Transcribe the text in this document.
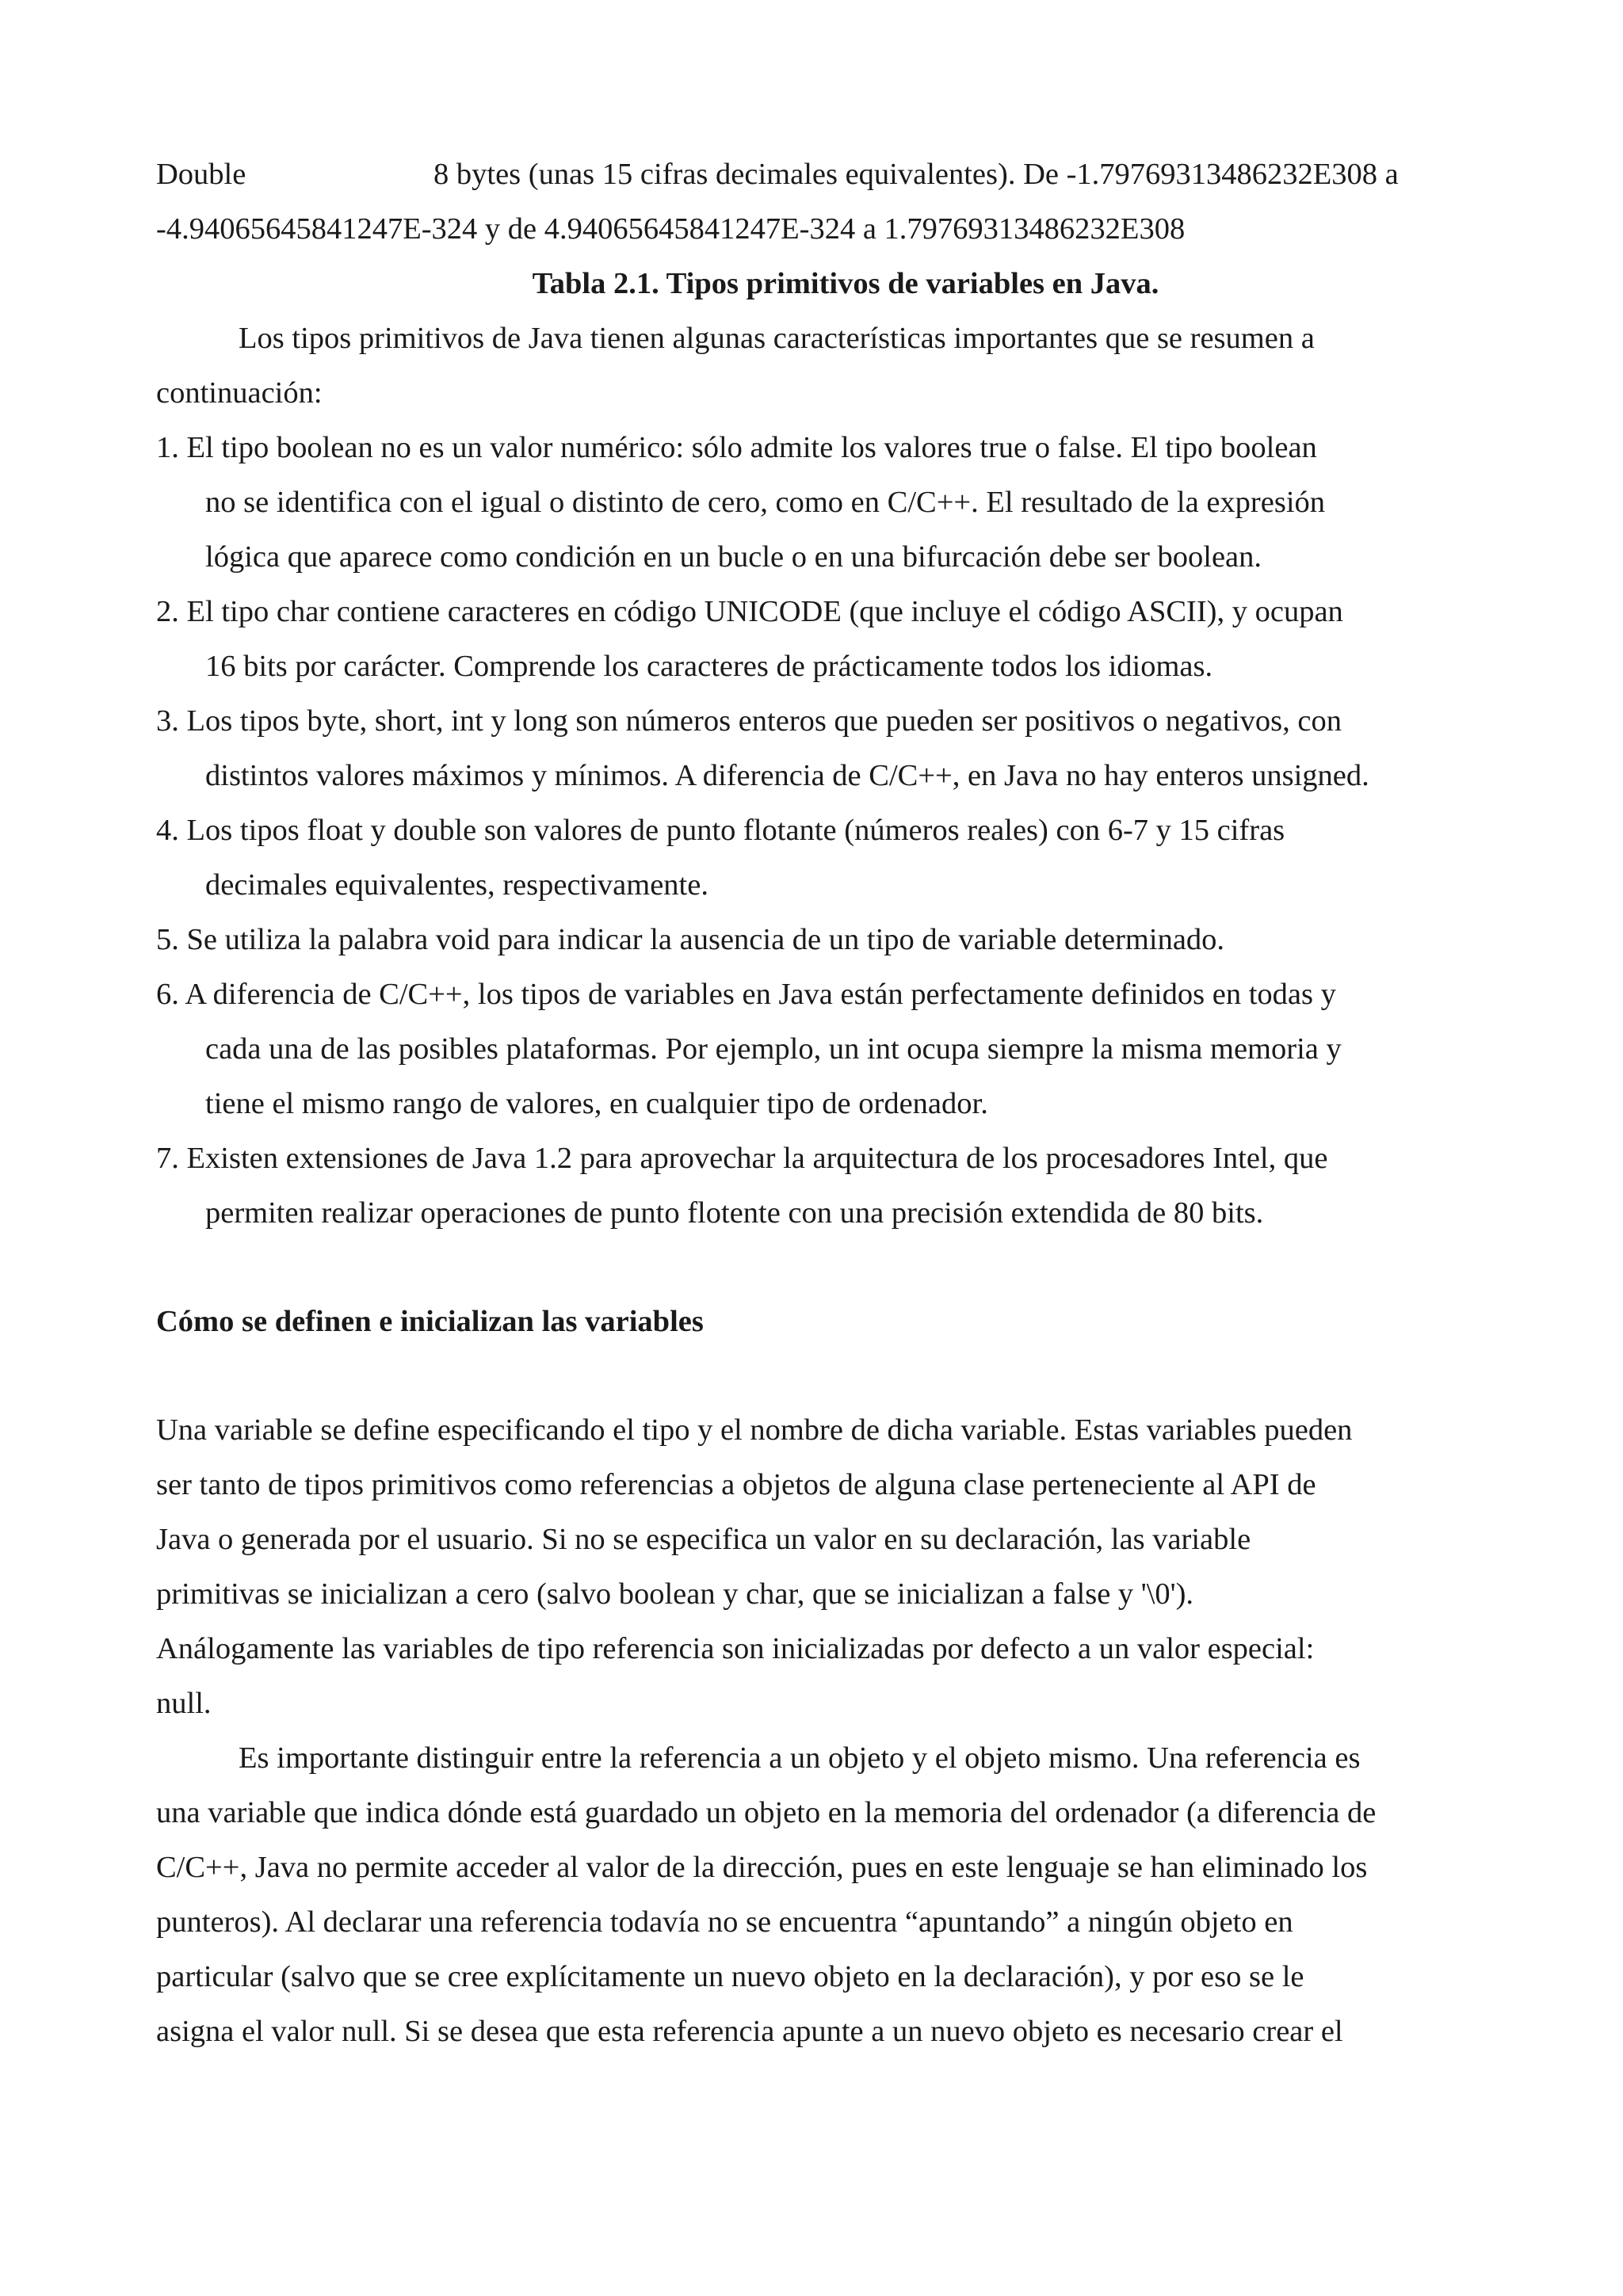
Double	8 bytes (unas 15 cifras decimales equivalentes). De -1.79769313486232E308 a

-4.94065645841247E-324 y de 4.94065645841247E-324 a 1.79769313486232E308

Tabla 2.1. Tipos primitivos de variables en Java.

Los tipos primitivos de Java tienen algunas características importantes que se resumen a

continuación:

1. El tipo boolean no es un valor numérico: sólo admite los valores true o false. El tipo boolean
no se identifica con el igual o distinto de cero, como en C/C++. El resultado de la expresión
lógica que aparece como condición en un bucle o en una bifurcación debe ser boolean.
2. El tipo char contiene caracteres en código UNICODE (que incluye el código ASCII), y ocupan
16 bits por carácter. Comprende los caracteres de prácticamente todos los idiomas.
3. Los tipos byte, short, int y long son números enteros que pueden ser positivos o negativos, con
distintos valores máximos y mínimos. A diferencia de C/C++, en Java no hay enteros unsigned.
4. Los tipos float y double son valores de punto flotante (números reales) con 6-7 y 15 cifras
decimales equivalentes, respectivamente.
5. Se utiliza la palabra void para indicar la ausencia de un tipo de variable determinado.
6. A diferencia de C/C++, los tipos de variables en Java están perfectamente definidos en todas y
cada una de las posibles plataformas. Por ejemplo, un int ocupa siempre la misma memoria y
tiene el mismo rango de valores, en cualquier tipo de ordenador.
7. Existen extensiones de Java 1.2 para aprovechar la arquitectura de los procesadores Intel, que
permiten realizar operaciones de punto flotente con una precisión extendida de 80 bits.

Cómo se definen e inicializan las variables

Una variable se define especificando el tipo y el nombre de dicha variable. Estas variables pueden

ser tanto de tipos primitivos como referencias a objetos de alguna clase perteneciente al API de

Java o generada por el usuario. Si no se especifica un valor en su declaración, las variable

primitivas se inicializan a cero (salvo boolean y char, que se inicializan a false y '\0').

Análogamente las variables de tipo referencia son inicializadas por defecto a un valor especial:

null.

Es importante distinguir entre la referencia a un objeto y el objeto mismo. Una referencia es

una variable que indica dónde está guardado un objeto en la memoria del ordenador (a diferencia de

C/C++, Java no permite acceder al valor de la dirección, pues en este lenguaje se han eliminado los

punteros). Al declarar una referencia todavía no se encuentra “apuntando” a ningún objeto en

particular (salvo que se cree explícitamente un nuevo objeto en la declaración), y por eso se le

asigna el valor null. Si se desea que esta referencia apunte a un nuevo objeto es necesario crear el
